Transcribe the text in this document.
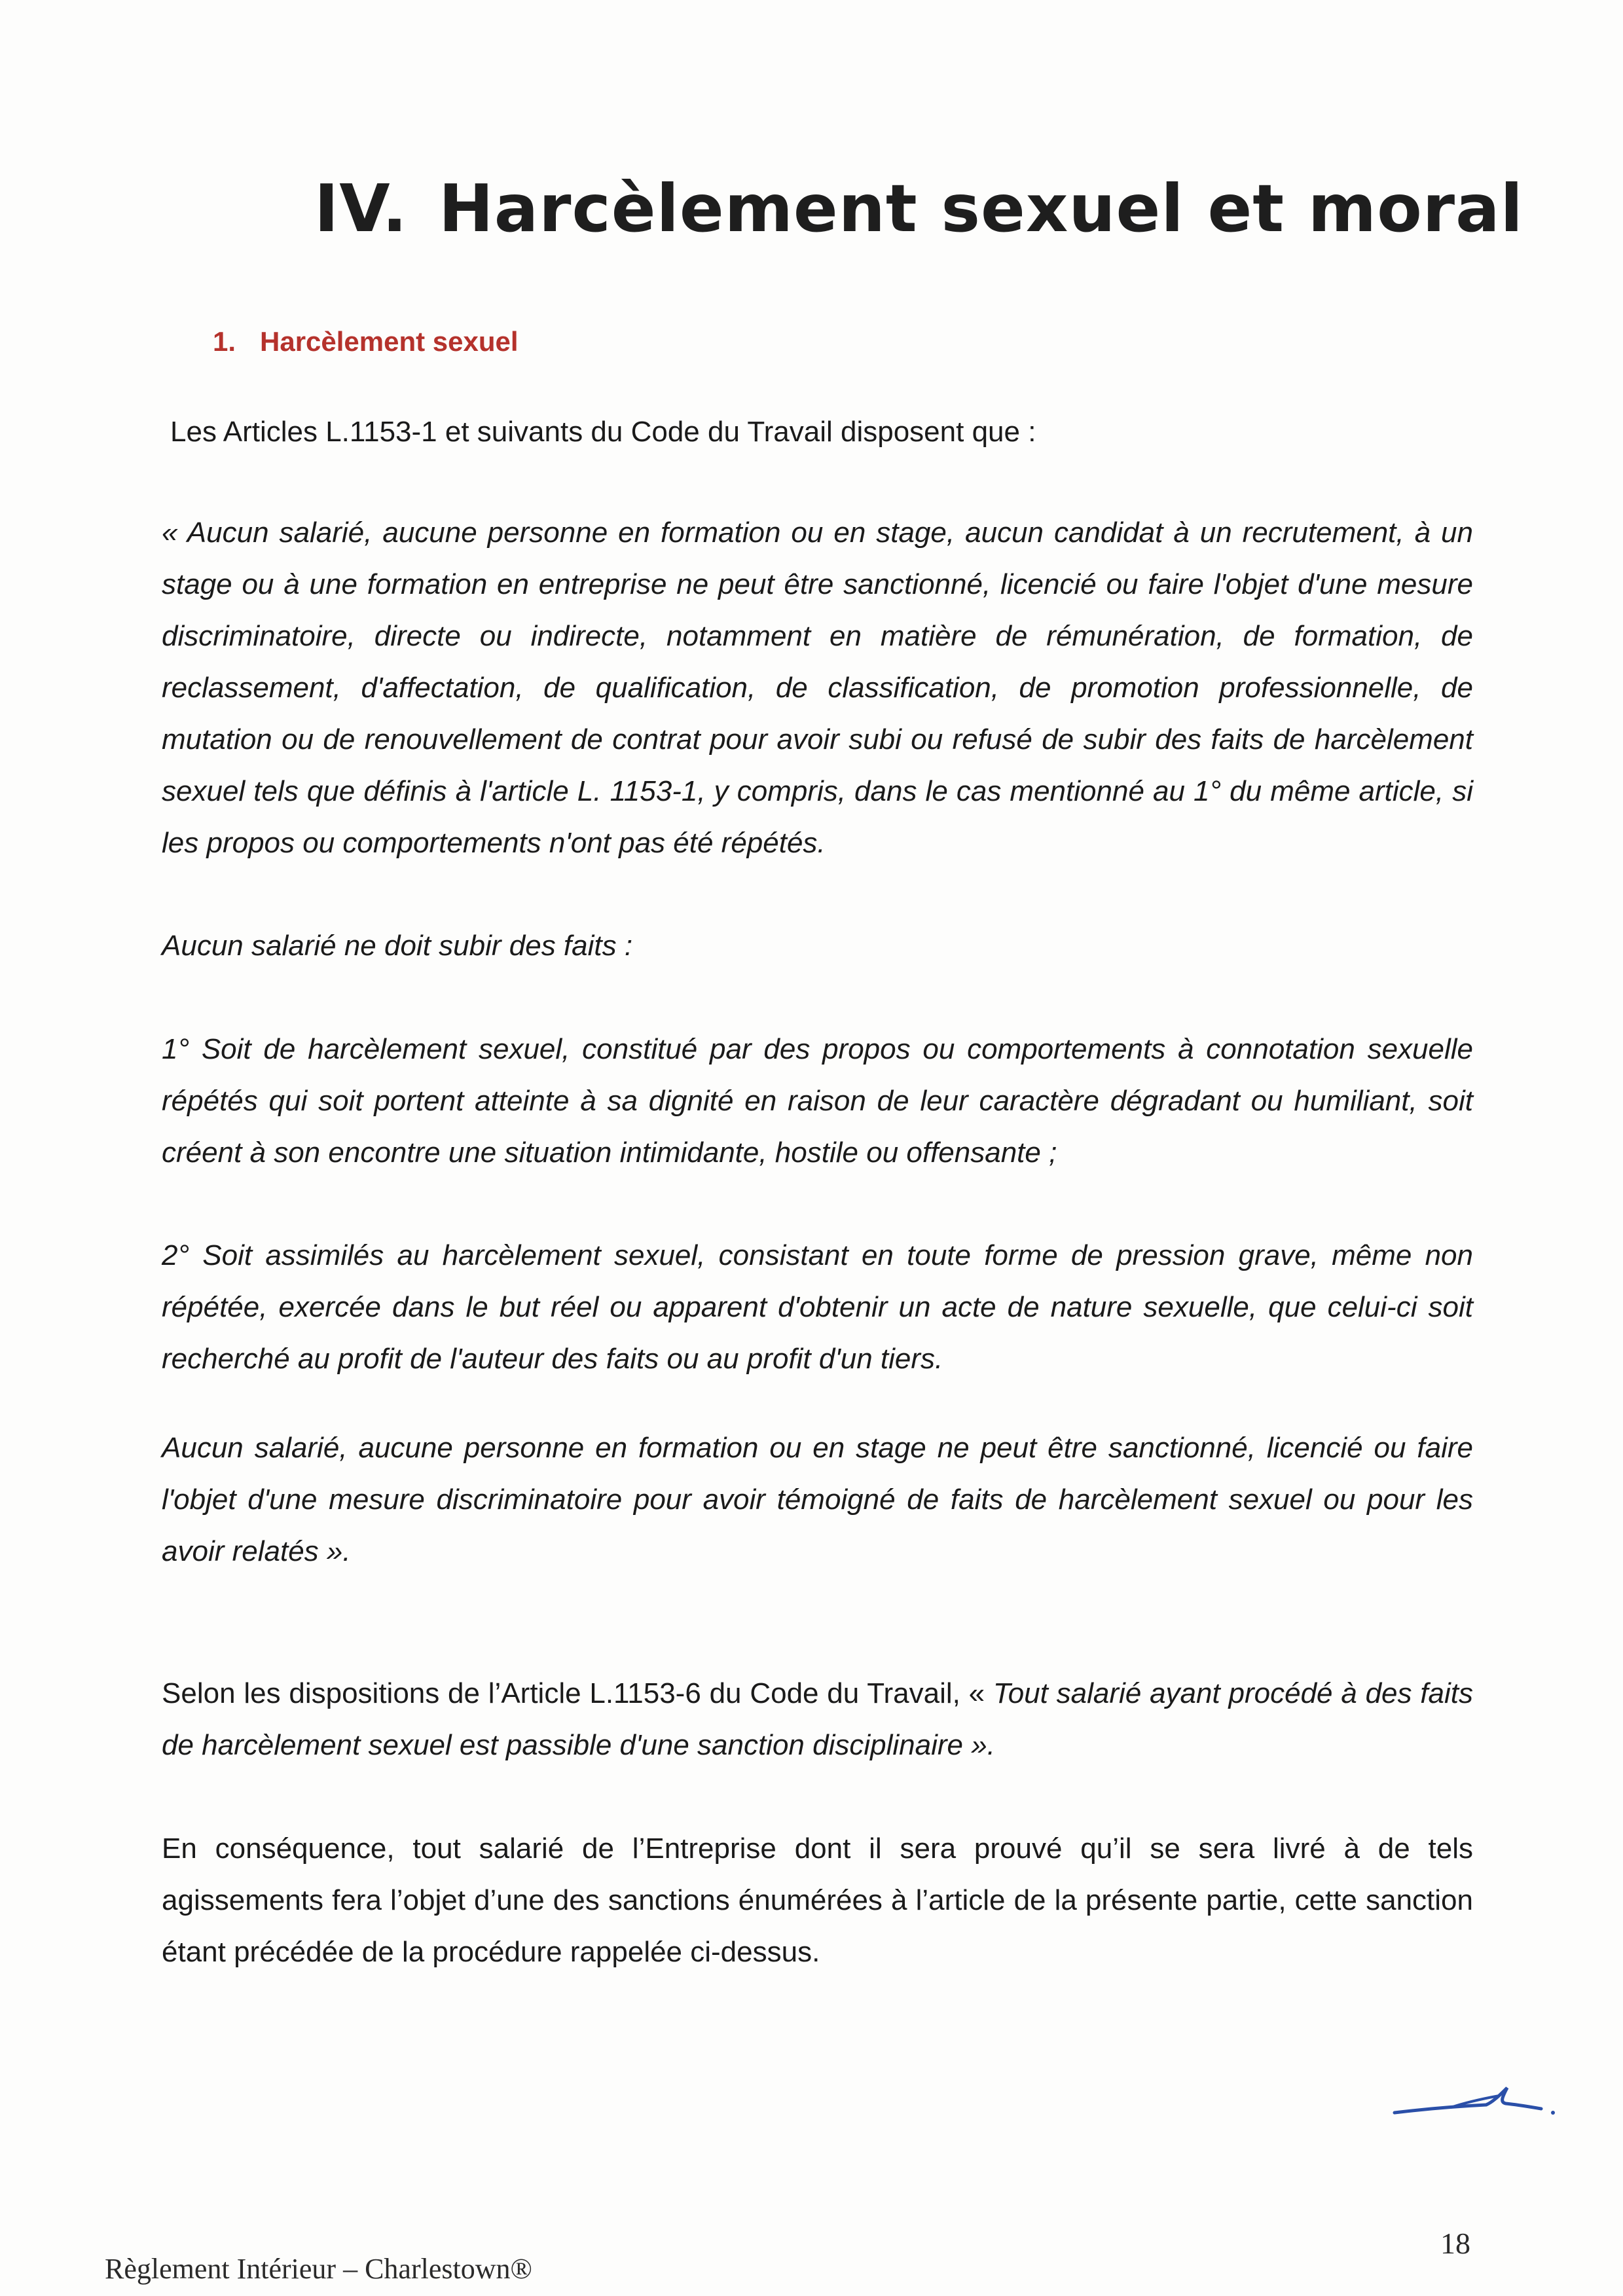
IV. Harcèlement sexuel et moral
1. Harcèlement sexuel

Les Articles L.1153-1 et suivants du Code du Travail disposent que :

« Aucun salarié, aucune personne en formation ou en stage, aucun candidat à un recrutement, à un stage ou à une formation en entreprise ne peut être sanctionné, licencié ou faire l'objet d'une mesure discriminatoire, directe ou indirecte, notamment en matière de rémunération, de formation, de reclassement, d'affectation, de qualification, de classification, de promotion professionnelle, de mutation ou de renouvellement de contrat pour avoir subi ou refusé de subir des faits de harcèlement sexuel tels que définis à l'article L. 1153-1, y compris, dans le cas mentionné au 1° du même article, si les propos ou comportements n'ont pas été répétés.

Aucun salarié ne doit subir des faits :

1° Soit de harcèlement sexuel, constitué par des propos ou comportements à connotation sexuelle répétés qui soit portent atteinte à sa dignité en raison de leur caractère dégradant ou humiliant, soit créent à son encontre une situation intimidante, hostile ou offensante ;

2° Soit assimilés au harcèlement sexuel, consistant en toute forme de pression grave, même non répétée, exercée dans le but réel ou apparent d'obtenir un acte de nature sexuelle, que celui-ci soit recherché au profit de l'auteur des faits ou au profit d'un tiers.

Aucun salarié, aucune personne en formation ou en stage ne peut être sanctionné, licencié ou faire l'objet d'une mesure discriminatoire pour avoir témoigné de faits de harcèlement sexuel ou pour les avoir relatés ».

Selon les dispositions de l’Article L.1153-6 du Code du Travail, « Tout salarié ayant procédé à des faits de harcèlement sexuel est passible d'une sanction disciplinaire ».

En conséquence, tout salarié de l’Entreprise dont il sera prouvé qu’il se sera livré à de tels agissements fera l’objet d’une des sanctions énumérées à l’article de la présente partie, cette sanction étant précédée de la procédure rappelée ci-dessus.

Règlement Intérieur – Charlestown®
18
